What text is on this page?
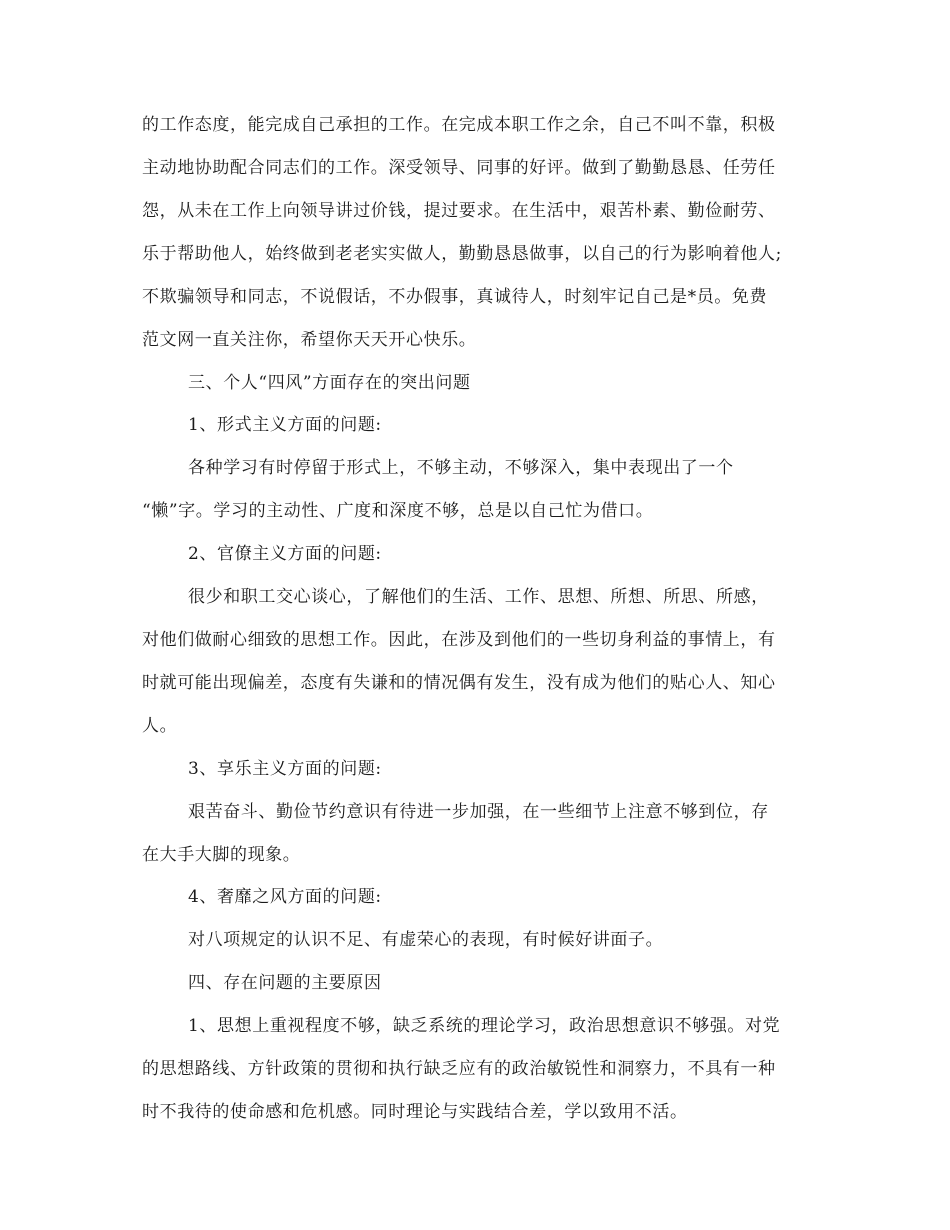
的工作态度，能完成自己承担的工作。在完成本职工作之余，自己不叫不靠，积极
主动地协助配合同志们的工作。深受领导、同事的好评。做到了勤勤恳恳、任劳任
怨，从未在工作上向领导讲过价钱，提过要求。在生活中，艰苦朴素、勤俭耐劳、
乐于帮助他人，始终做到老老实实做人，勤勤恳恳做事，以自己的行为影响着他人;
不欺骗领导和同志，不说假话，不办假事，真诚待人，时刻牢记自己是*员。免费
范文网一直关注你，希望你天天开心快乐。
三、个人“四风”方面存在的突出问题
1、形式主义方面的问题:
各种学习有时停留于形式上，不够主动，不够深入，集中表现出了一个
“懒”字。学习的主动性、广度和深度不够，总是以自己忙为借口。
2、官僚主义方面的问题:
很少和职工交心谈心，了解他们的生活、工作、思想、所想、所思、所感，
对他们做耐心细致的思想工作。因此，在涉及到他们的一些切身利益的事情上，有
时就可能出现偏差，态度有失谦和的情况偶有发生，没有成为他们的贴心人、知心
人。
3、享乐主义方面的问题:
艰苦奋斗、勤俭节约意识有待进一步加强，在一些细节上注意不够到位，存
在大手大脚的现象。
4、奢靡之风方面的问题:
对八项规定的认识不足、有虚荣心的表现，有时候好讲面子。
四、存在问题的主要原因
1、思想上重视程度不够，缺乏系统的理论学习，政治思想意识不够强。对党
的思想路线、方针政策的贯彻和执行缺乏应有的政治敏锐性和洞察力，不具有一种
时不我待的使命感和危机感。同时理论与实践结合差，学以致用不活。
